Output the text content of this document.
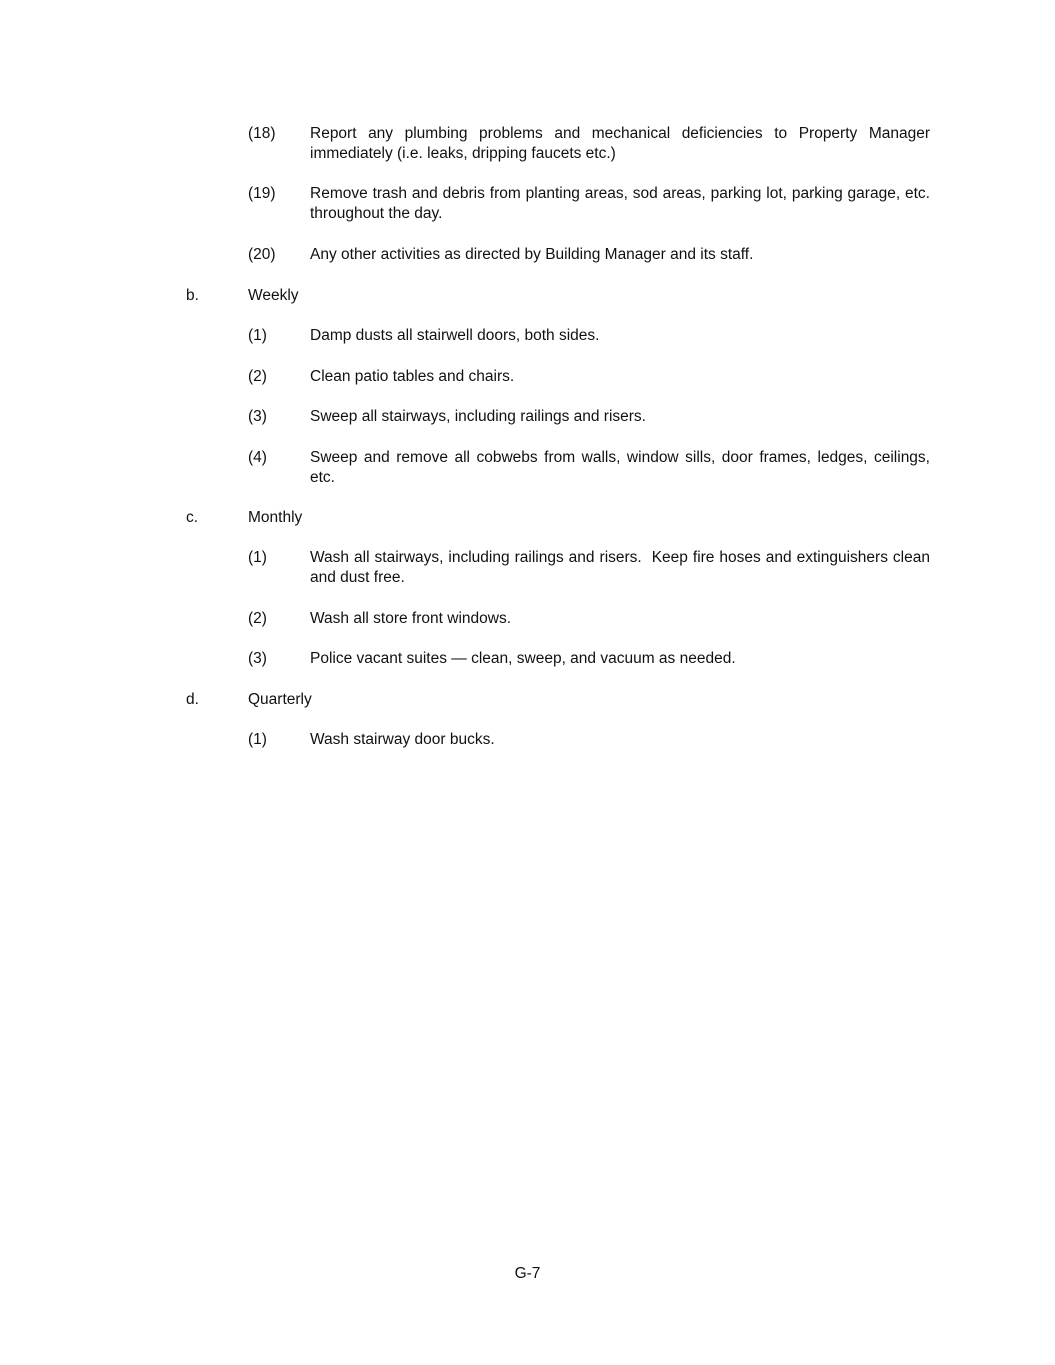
(18)	Report any plumbing problems and mechanical deficiencies to Property Manager immediately (i.e. leaks, dripping faucets etc.)
(19)	Remove trash and debris from planting areas, sod areas, parking lot, parking garage, etc. throughout the day.
(20)	Any other activities as directed by Building Manager and its staff.
b.	Weekly
(1)	Damp dusts all stairwell doors, both sides.
(2)	Clean patio tables and chairs.
(3)	Sweep all stairways, including railings and risers.
(4)	Sweep and remove all cobwebs from walls, window sills, door frames, ledges, ceilings, etc.
c.	Monthly
(1)	Wash all stairways, including railings and risers.  Keep fire hoses and extinguishers clean and dust free.
(2)	Wash all store front windows.
(3)	Police vacant suites — clean, sweep, and vacuum as needed.
d.	Quarterly
(1)	Wash stairway door bucks.
G-7
